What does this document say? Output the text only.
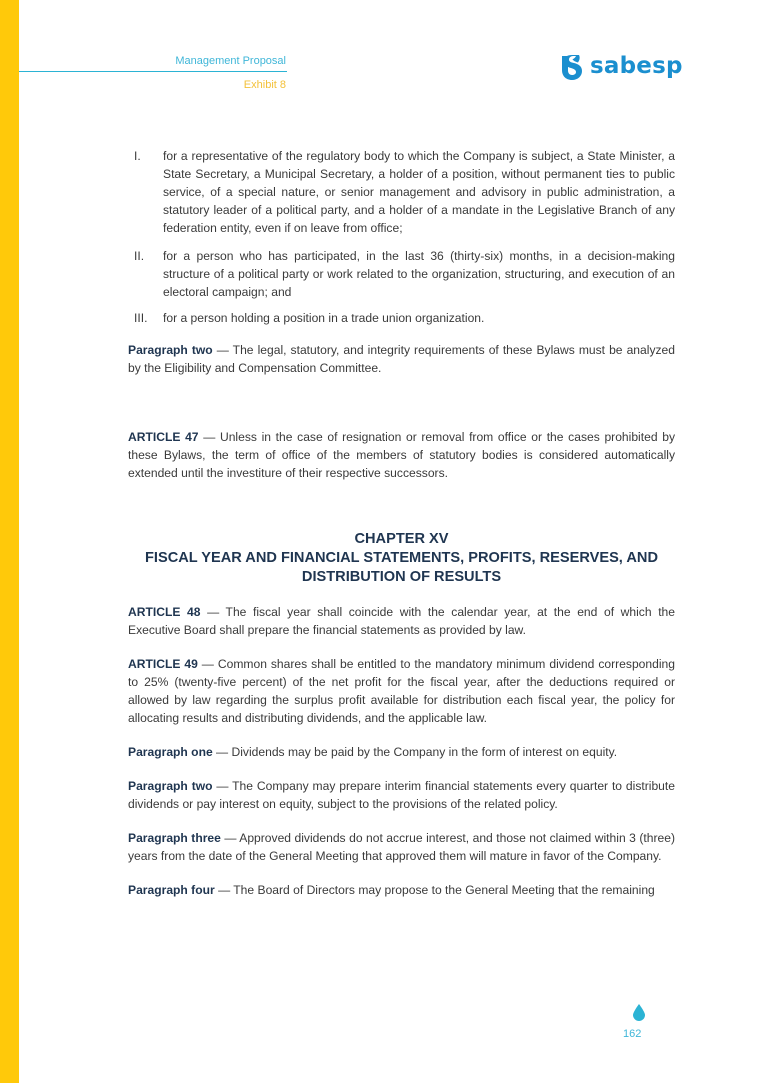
Management Proposal
Exhibit 8
sabesp
I. for a representative of the regulatory body to which the Company is subject, a State Minister, a State Secretary, a Municipal Secretary, a holder of a position, without permanent ties to public service, of a special nature, or senior management and advisory in public administration, a statutory leader of a political party, and a holder of a mandate in the Legislative Branch of any federation entity, even if on leave from office;
II. for a person who has participated, in the last 36 (thirty-six) months, in a decision-making structure of a political party or work related to the organization, structuring, and execution of an electoral campaign; and
III. for a person holding a position in a trade union organization.

Paragraph two — The legal, statutory, and integrity requirements of these Bylaws must be analyzed by the Eligibility and Compensation Committee.

ARTICLE 47 — Unless in the case of resignation or removal from office or the cases prohibited by these Bylaws, the term of office of the members of statutory bodies is considered automatically extended until the investiture of their respective successors.

CHAPTER XV
FISCAL YEAR AND FINANCIAL STATEMENTS, PROFITS, RESERVES, AND
DISTRIBUTION OF RESULTS

ARTICLE 48 — The fiscal year shall coincide with the calendar year, at the end of which the Executive Board shall prepare the financial statements as provided by law.

ARTICLE 49 — Common shares shall be entitled to the mandatory minimum dividend corresponding to 25% (twenty-five percent) of the net profit for the fiscal year, after the deductions required or allowed by law regarding the surplus profit available for distribution each fiscal year, the policy for allocating results and distributing dividends, and the applicable law.

Paragraph one — Dividends may be paid by the Company in the form of interest on equity.

Paragraph two — The Company may prepare interim financial statements every quarter to distribute dividends or pay interest on equity, subject to the provisions of the related policy.

Paragraph three — Approved dividends do not accrue interest, and those not claimed within 3 (three) years from the date of the General Meeting that approved them will mature in favor of the Company.

Paragraph four — The Board of Directors may propose to the General Meeting that the remaining

162
